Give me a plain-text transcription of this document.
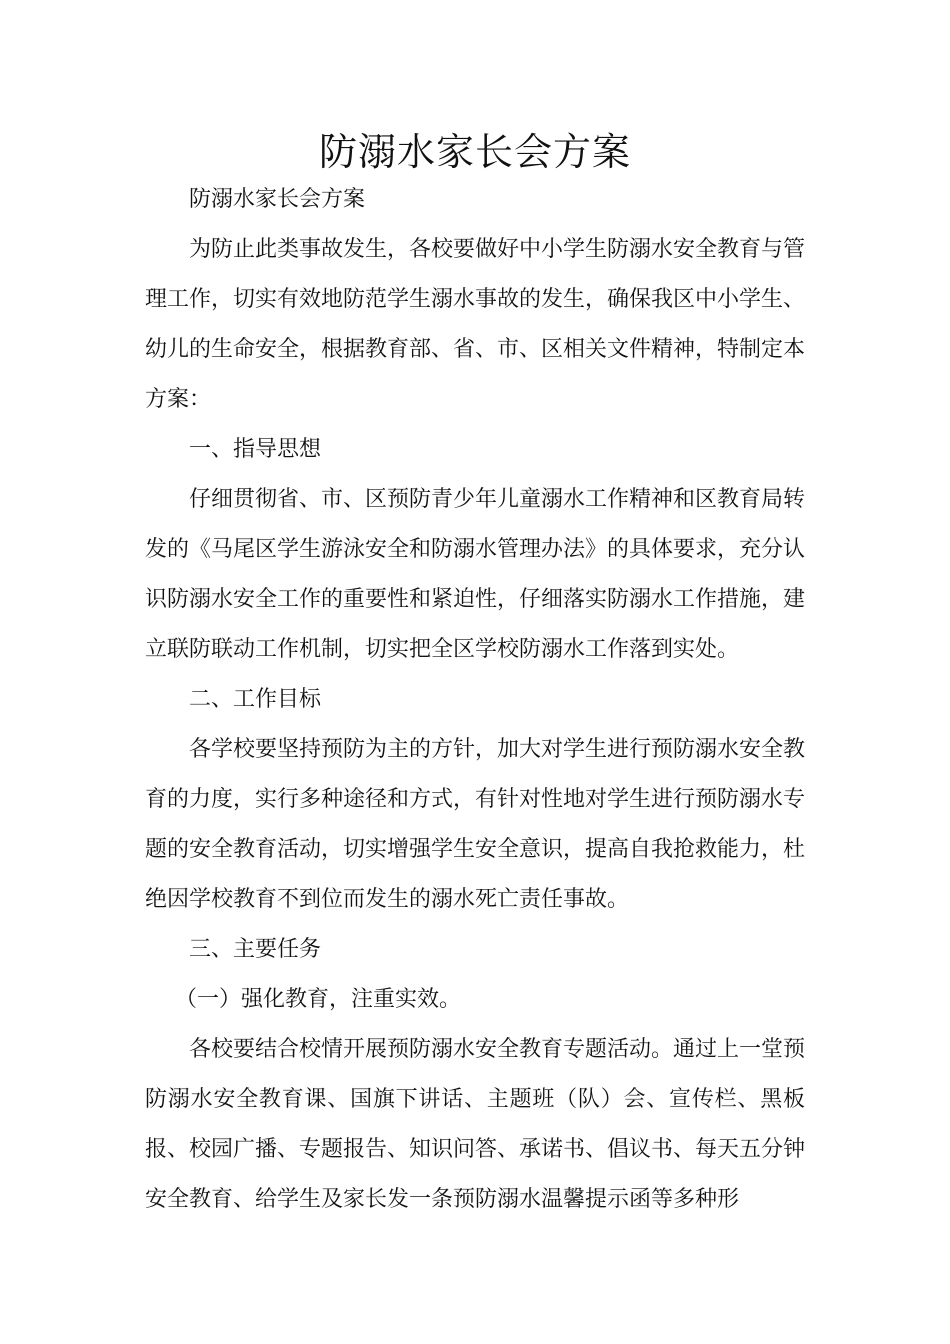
防溺水家长会方案

防溺水家长会方案

为防止此类事故发生，各校要做好中小学生防溺水安全教育与管理工作，切实有效地防范学生溺水事故的发生，确保我区中小学生、幼儿的生命安全，根据教育部、省、市、区相关文件精神，特制定本方案：

一、指导思想

仔细贯彻省、市、区预防青少年儿童溺水工作精神和区教育局转发的《马尾区学生游泳安全和防溺水管理办法》的具体要求，充分认识防溺水安全工作的重要性和紧迫性，仔细落实防溺水工作措施，建立联防联动工作机制，切实把全区学校防溺水工作落到实处。

二、工作目标

各学校要坚持预防为主的方针，加大对学生进行预防溺水安全教育的力度，实行多种途径和方式，有针对性地对学生进行预防溺水专题的安全教育活动，切实增强学生安全意识，提高自我抢救能力，杜绝因学校教育不到位而发生的溺水死亡责任事故。

三、主要任务

（一）强化教育，注重实效。

各校要结合校情开展预防溺水安全教育专题活动。通过上一堂预防溺水安全教育课、国旗下讲话、主题班（队）会、宣传栏、黑板报、校园广播、专题报告、知识问答、承诺书、倡议书、每天五分钟安全教育、给学生及家长发一条预防溺水温馨提示函等多种形
